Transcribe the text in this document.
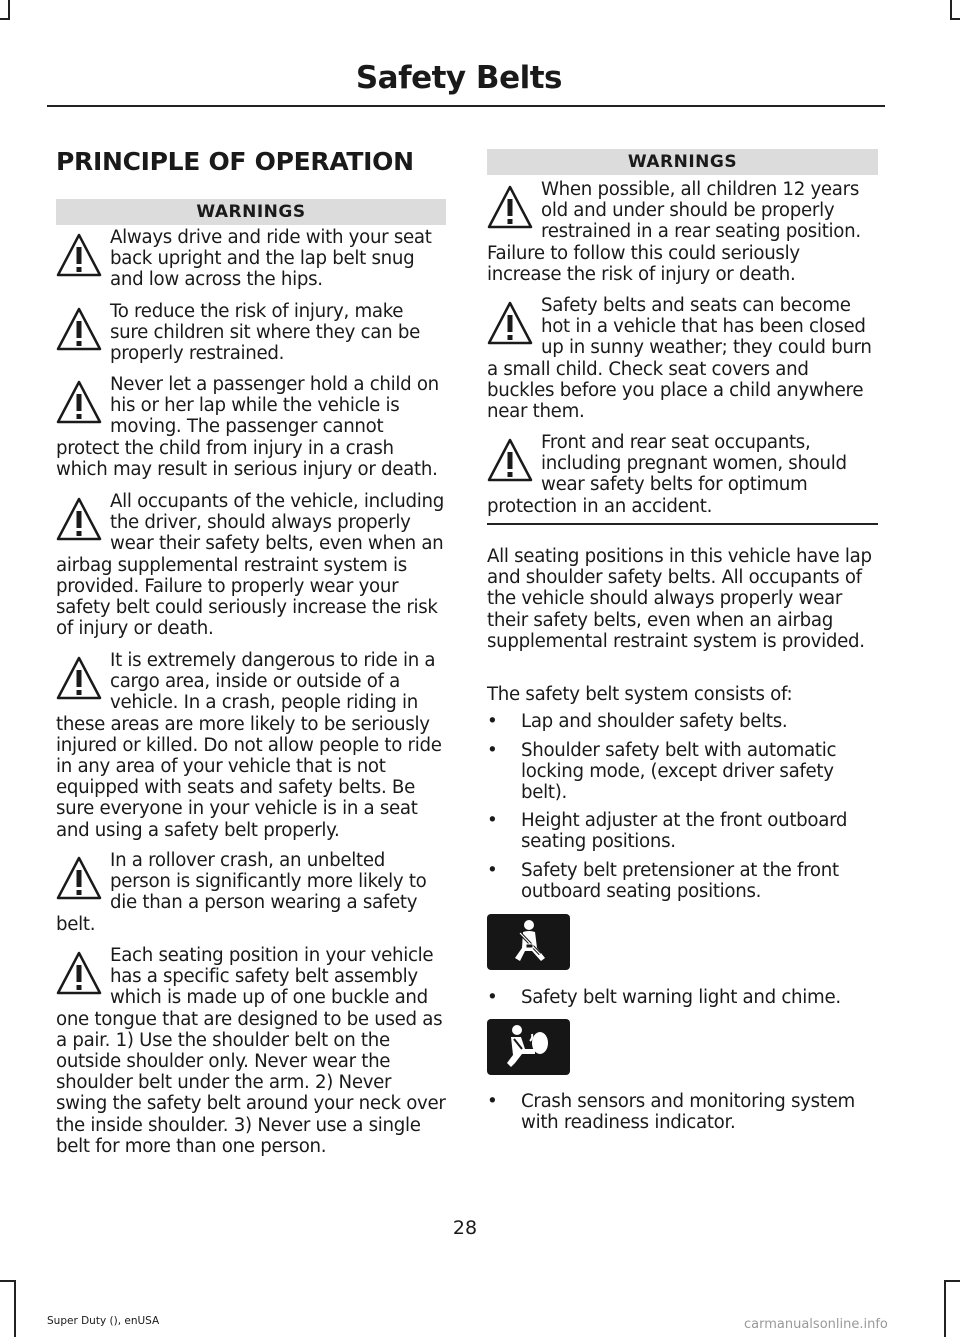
Safety Belts
PRINCIPLE OF OPERATION
WARNINGS
Always drive and ride with your seat back upright and the lap belt snug and low across the hips.
To reduce the risk of injury, make sure children sit where they can be properly restrained.
Never let a passenger hold a child on his or her lap while the vehicle is moving. The passenger cannot protect the child from injury in a crash which may result in serious injury or death.
All occupants of the vehicle, including the driver, should always properly wear their safety belts, even when an airbag supplemental restraint system is provided. Failure to properly wear your safety belt could seriously increase the risk of injury or death.
It is extremely dangerous to ride in a cargo area, inside or outside of a vehicle. In a crash, people riding in these areas are more likely to be seriously injured or killed. Do not allow people to ride in any area of your vehicle that is not equipped with seats and safety belts. Be sure everyone in your vehicle is in a seat and using a safety belt properly.
In a rollover crash, an unbelted person is significantly more likely to die than a person wearing a safety belt.
Each seating position in your vehicle has a specific safety belt assembly which is made up of one buckle and one tongue that are designed to be used as a pair. 1) Use the shoulder belt on the outside shoulder only. Never wear the shoulder belt under the arm. 2) Never swing the safety belt around your neck over the inside shoulder. 3) Never use a single belt for more than one person.
WARNINGS
When possible, all children 12 years old and under should be properly restrained in a rear seating position. Failure to follow this could seriously increase the risk of injury or death.
Safety belts and seats can become hot in a vehicle that has been closed up in sunny weather; they could burn a small child. Check seat covers and buckles before you place a child anywhere near them.
Front and rear seat occupants, including pregnant women, should wear safety belts for optimum protection in an accident.
All seating positions in this vehicle have lap and shoulder safety belts. All occupants of the vehicle should always properly wear their safety belts, even when an airbag supplemental restraint system is provided.
The safety belt system consists of:
•	Lap and shoulder safety belts.
•	Shoulder safety belt with automatic locking mode, (except driver safety belt).
•	Height adjuster at the front outboard seating positions.
•	Safety belt pretensioner at the front outboard seating positions.
•	Safety belt warning light and chime.
•	Crash sensors and monitoring system with readiness indicator.
28
Super Duty (), enUSA	carmanualsonline.info
